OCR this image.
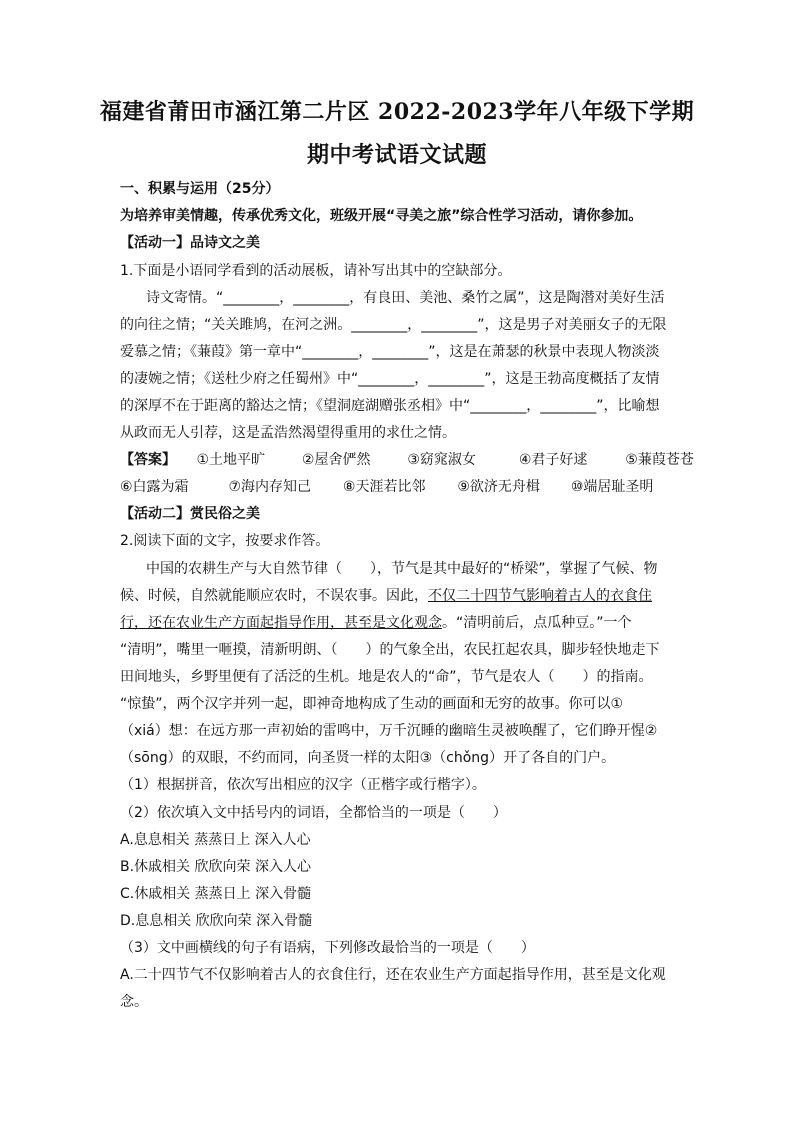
福建省莆田市涵江第二片区 2022-2023学年八年级下学期
期中考试语文试题
一、积累与运用（25分）
为培养审美情趣，传承优秀文化，班级开展“寻美之旅”综合性学习活动，请你参加。
【活动一】品诗文之美
1.下面是小语同学看到的活动展板，请补写出其中的空缺部分。
诗文寄情。“________，________，有良田、美池、桑竹之属”，这是陶潜对美好生活
的向往之情；“关关雎鸠，在河之洲。________，________”，这是男子对美丽女子的无限
爱慕之情；《蒹葭》第一章中“________，________”，这是在萧瑟的秋景中表现人物淡淡
的凄婉之情；《送杜少府之任蜀州》中“________，________”，这是王勃高度概括了友情
的深厚不在于距离的豁达之情；《望洞庭湖赠张丞相》中“________，________”，比喻想
从政而无人引荐，这是孟浩然渴望得重用的求仕之情。
【答案】 ①土地平旷	②屋舍俨然	③窈窕淑女	④君子好逑	⑤蒹葭苍苍
⑥白露为霜	⑦海内存知己 ⑧天涯若比邻 ⑨欲济无舟楫 ⑩端居耻圣明
【活动二】赏民俗之美
2.阅读下面的文字，按要求作答。
中国的农耕生产与大自然节律（　　），节气是其中最好的“桥梁”，掌握了气候、物
候、时候，自然就能顺应农时，不误农事。因此，不仅二十四节气影响着古人的衣食住
行，还在农业生产方面起指导作用，甚至是文化观念。“清明前后，点瓜种豆。”一个
“清明”，嘴里一咂摸，清新明朗、（　　）的气象全出，农民扛起农具，脚步轻快地走下
田间地头，乡野里便有了活泛的生机。地是农人的“命”，节气是农人（　　）的指南。
“惊蛰”，两个汉字并列一起，即神奇地构成了生动的画面和无穷的故事。你可以①
（xiá）想：在远方那一声初始的雷鸣中，万千沉睡的幽暗生灵被唤醒了，它们睁开惺②
（sōng）的双眼，不约而同，向圣贤一样的太阳③（chǒng）开了各自的门户。
（1）根据拼音，依次写出相应的汉字（正楷字或行楷字）。
（2）依次填入文中括号内的词语，全都恰当的一项是（　　）
A.息息相关 蒸蒸日上 深入人心
B.休戚相关 欣欣向荣 深入人心
C.休戚相关 蒸蒸日上 深入骨髓
D.息息相关 欣欣向荣 深入骨髓
（3）文中画横线的句子有语病，下列修改最恰当的一项是（　　）
A.二十四节气不仅影响着古人的衣食住行，还在农业生产方面起指导作用，甚至是文化观
念。
